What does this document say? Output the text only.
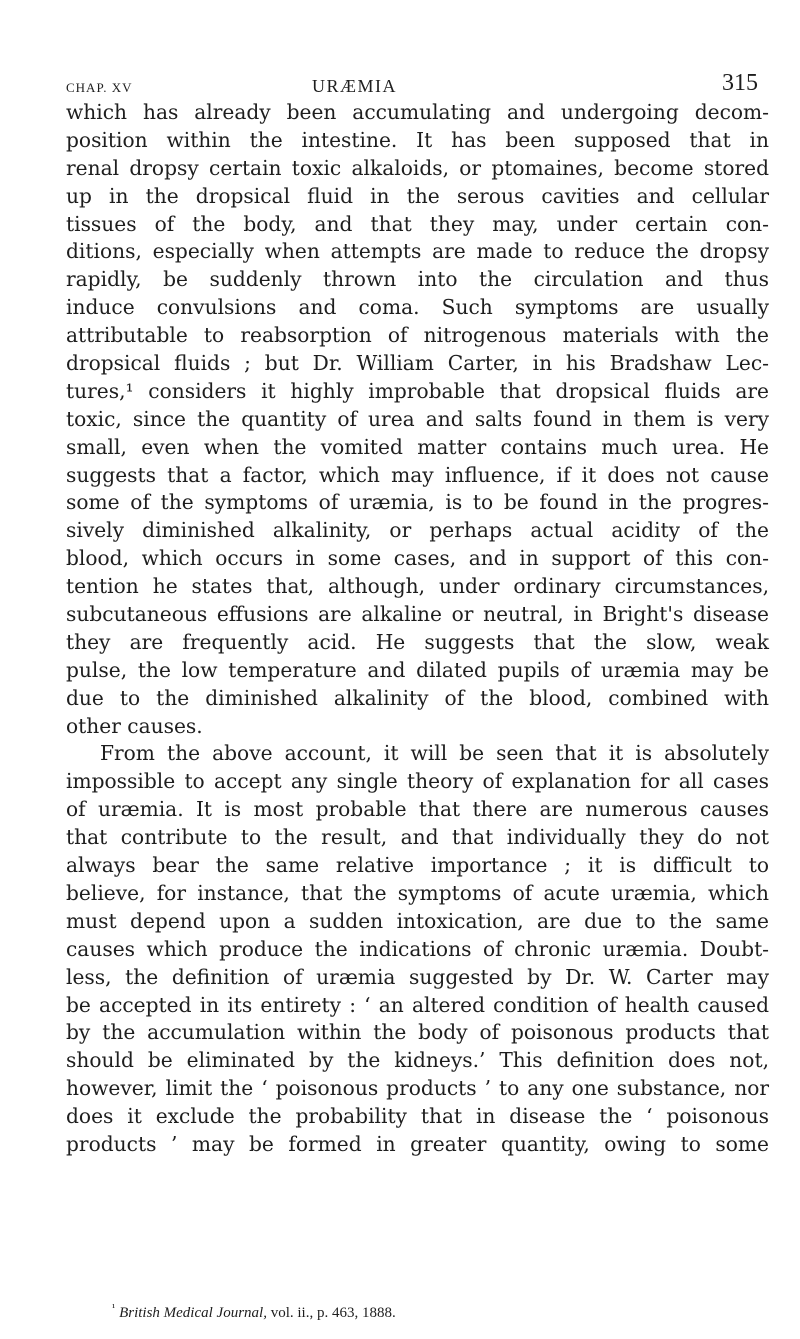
CHAP. XV	URÆMIA	315
which has already been accumulating and undergoing decom-
position within the intestine. It has been supposed that in
renal dropsy certain toxic alkaloids, or ptomaines, become stored
up in the dropsical fluid in the serous cavities and cellular
tissues of the body, and that they may, under certain con-
ditions, especially when attempts are made to reduce the dropsy
rapidly, be suddenly thrown into the circulation and thus
induce convulsions and coma. Such symptoms are usually
attributable to reabsorption of nitrogenous materials with the
dropsical fluids ; but Dr. William Carter, in his Bradshaw Lec-
tures,¹ considers it highly improbable that dropsical fluids are
toxic, since the quantity of urea and salts found in them is very
small, even when the vomited matter contains much urea. He
suggests that a factor, which may influence, if it does not cause
some of the symptoms of uræmia, is to be found in the progres-
sively diminished alkalinity, or perhaps actual acidity of the
blood, which occurs in some cases, and in support of this con-
tention he states that, although, under ordinary circumstances,
subcutaneous effusions are alkaline or neutral, in Bright's disease
they are frequently acid. He suggests that the slow, weak
pulse, the low temperature and dilated pupils of uræmia may be
due to the diminished alkalinity of the blood, combined with
other causes.
From the above account, it will be seen that it is absolutely
impossible to accept any single theory of explanation for all cases
of uræmia. It is most probable that there are numerous causes
that contribute to the result, and that individually they do not
always bear the same relative importance ; it is difficult to
believe, for instance, that the symptoms of acute uræmia, which
must depend upon a sudden intoxication, are due to the same
causes which produce the indications of chronic uræmia. Doubt-
less, the definition of uræmia suggested by Dr. W. Carter may
be accepted in its entirety : ‘ an altered condition of health caused
by the accumulation within the body of poisonous products that
should be eliminated by the kidneys.’ This definition does not,
however, limit the ‘ poisonous products ’ to any one substance, nor
does it exclude the probability that in disease the ‘ poisonous
products ’ may be formed in greater quantity, owing to some
$^{^1}$ British Medical Journal, vol. ii., p. 463, 1888.
